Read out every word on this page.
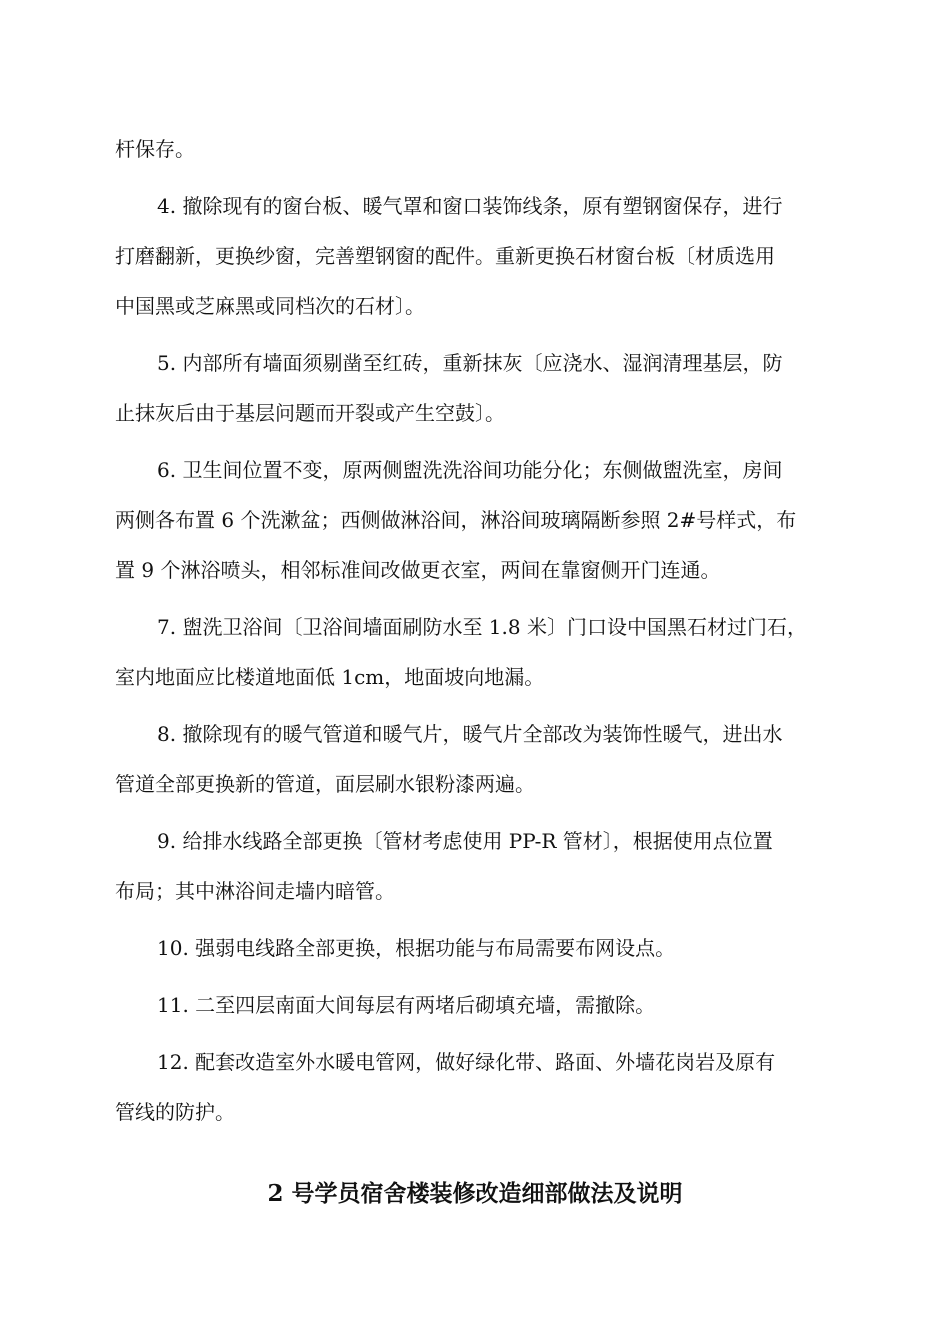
杆保存。
4. 撤除现有的窗台板、暖气罩和窗口装饰线条，原有塑钢窗保存，进行
打磨翻新，更换纱窗，完善塑钢窗的配件。重新更换石材窗台板〔材质选用
中国黑或芝麻黑或同档次的石材〕。
5. 内部所有墙面须剔凿至红砖，重新抹灰〔应浇水、湿润清理基层，防
止抹灰后由于基层问题而开裂或产生空鼓〕。
6. 卫生间位置不变，原两侧盥洗洗浴间功能分化；东侧做盥洗室，房间
两侧各布置 6 个洗漱盆；西侧做淋浴间，淋浴间玻璃隔断参照 2#号样式，布
置 9 个淋浴喷头，相邻标准间改做更衣室，两间在靠窗侧开门连通。
7. 盥洗卫浴间〔卫浴间墙面刷防水至 1.8 米〕门口设中国黑石材过门石，
室内地面应比楼道地面低 1cm，地面坡向地漏。
8. 撤除现有的暖气管道和暖气片，暖气片全部改为装饰性暖气，进出水
管道全部更换新的管道，面层刷水银粉漆两遍。
9. 给排水线路全部更换〔管材考虑使用 PP-R 管材〕，根据使用点位置
布局；其中淋浴间走墙内暗管。
10. 强弱电线路全部更换，根据功能与布局需要布网设点。
11. 二至四层南面大间每层有两堵后砌填充墙，需撤除。
12. 配套改造室外水暖电管网，做好绿化带、路面、外墙花岗岩及原有
管线的防护。
2 号学员宿舍楼装修改造细部做法及说明
